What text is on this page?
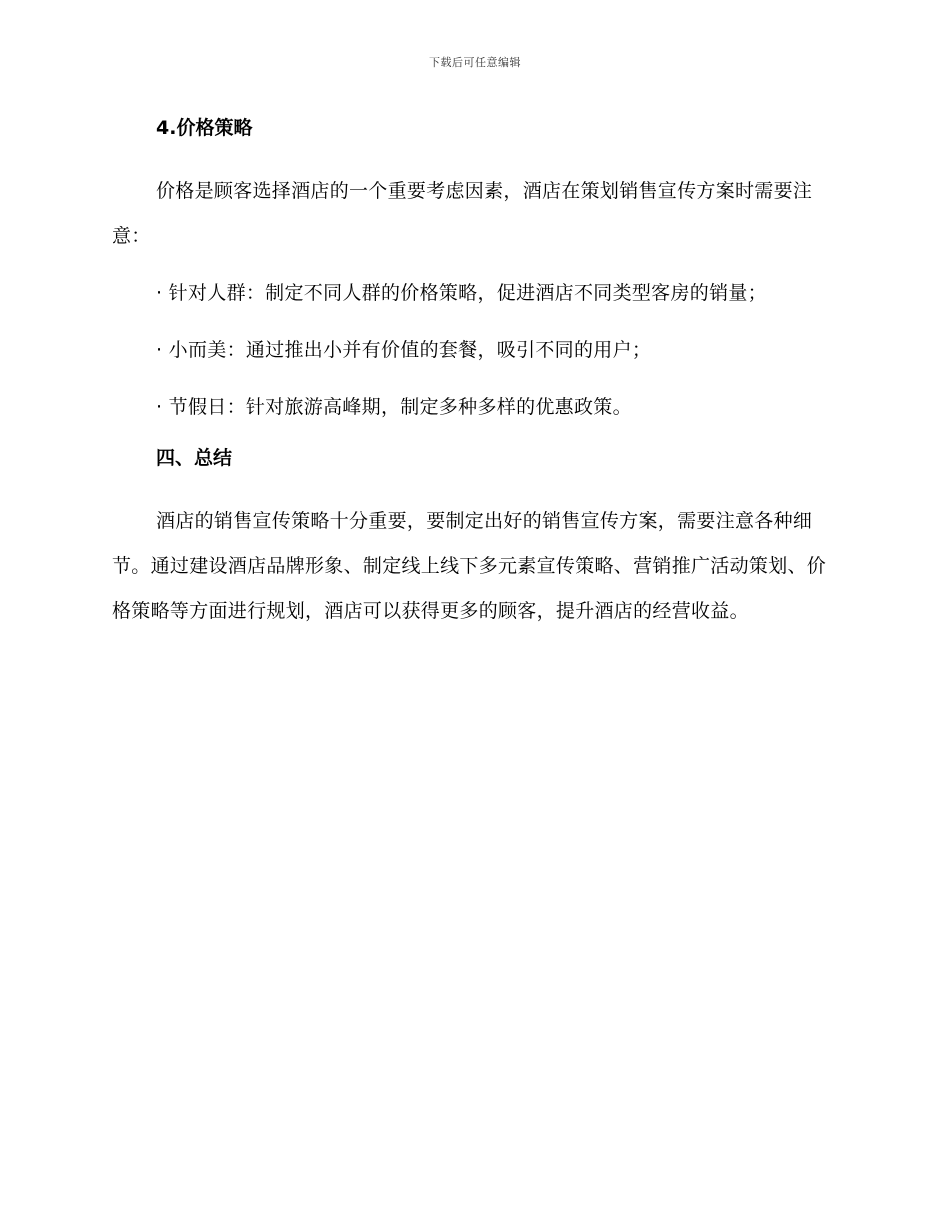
下载后可任意编辑
4.价格策略

价格是顾客选择酒店的一个重要考虑因素，酒店在策划销售宣传方案时需要注意：

· 针对人群：制定不同人群的价格策略，促进酒店不同类型客房的销量；

· 小而美：通过推出小并有价值的套餐，吸引不同的用户；

· 节假日：针对旅游高峰期，制定多种多样的优惠政策。

四、总结

酒店的销售宣传策略十分重要，要制定出好的销售宣传方案，需要注意各种细节。通过建设酒店品牌形象、制定线上线下多元素宣传策略、营销推广活动策划、价格策略等方面进行规划，酒店可以获得更多的顾客，提升酒店的经营收益。
